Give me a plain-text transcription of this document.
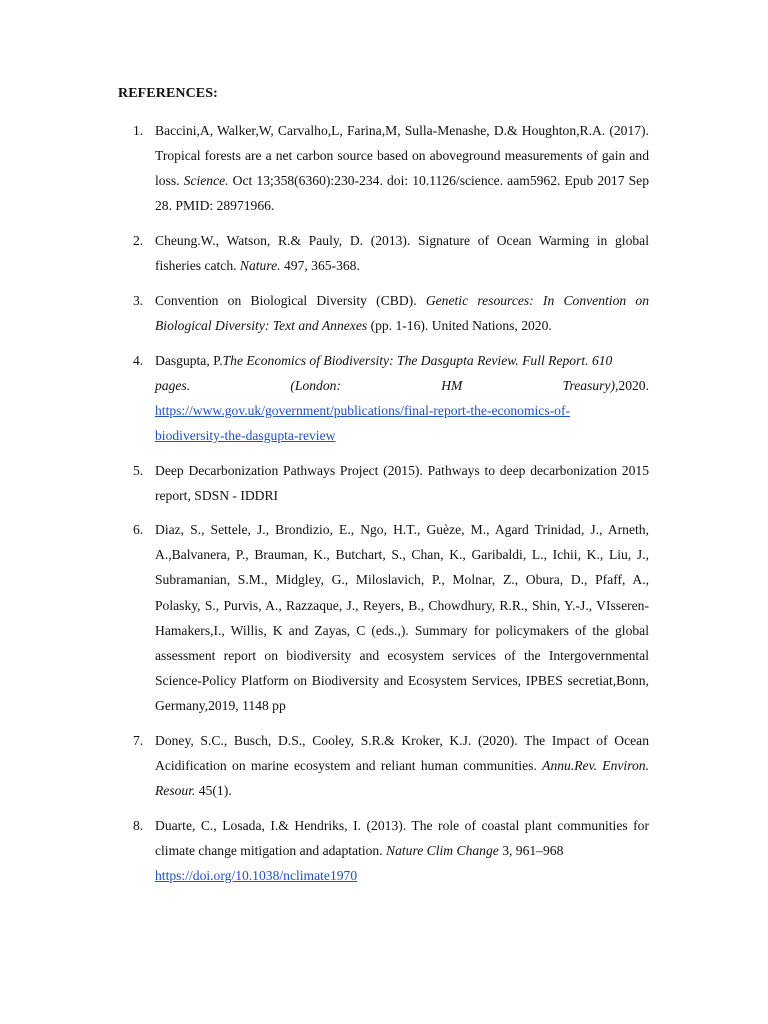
REFERENCES:
1. Baccini,A, Walker,W, Carvalho,L, Farina,M, Sulla-Menashe, D.& Houghton,R.A. (2017). Tropical forests are a net carbon source based on aboveground measurements of gain and loss. Science. Oct 13;358(6360):230-234. doi: 10.1126/science. aam5962. Epub 2017 Sep 28. PMID: 28971966.
2. Cheung.W., Watson, R.& Pauly, D. (2013). Signature of Ocean Warming in global fisheries catch. Nature. 497, 365-368.
3. Convention on Biological Diversity (CBD). Genetic resources: In Convention on Biological Diversity: Text and Annexes (pp. 1-16). United Nations, 2020.
4. Dasgupta, P.The Economics of Biodiversity: The Dasgupta Review. Full Report. 610
pages.	(London:	HM	Treasury),2020.
https://www.gov.uk/government/publications/final-report-the-economics-of-
biodiversity-the-dasgupta-review
5. Deep Decarbonization Pathways Project (2015). Pathways to deep decarbonization 2015 report, SDSN - IDDRI
6. Diaz, S., Settele, J., Brondizio, E., Ngo, H.T., Guèze, M., Agard Trinidad, J., Arneth, A.,Balvanera, P., Brauman, K., Butchart, S., Chan, K., Garibaldi, L., Ichii, K., Liu, J., Subramanian, S.M., Midgley, G., Miloslavich, P., Molnar, Z., Obura, D., Pfaff, A., Polasky, S., Purvis, A., Razzaque, J., Reyers, B., Chowdhury, R.R., Shin, Y.-J., VIsseren-Hamakers,I., Willis, K and Zayas, C (eds.,). Summary for policymakers of the global assessment report on biodiversity and ecosystem services of the Intergovernmental Science-Policy Platform on Biodiversity and Ecosystem Services, IPBES secretiat,Bonn, Germany,2019, 1148 pp
7. Doney, S.C., Busch, D.S., Cooley, S.R.& Kroker, K.J. (2020). The Impact of Ocean Acidification on marine ecosystem and reliant human communities. Annu.Rev. Environ. Resour. 45(1).
8. Duarte, C., Losada, I.& Hendriks, I. (2013). The role of coastal plant communities for climate change mitigation and adaptation. Nature Clim Change 3, 961–968
https://doi.org/10.1038/nclimate1970
